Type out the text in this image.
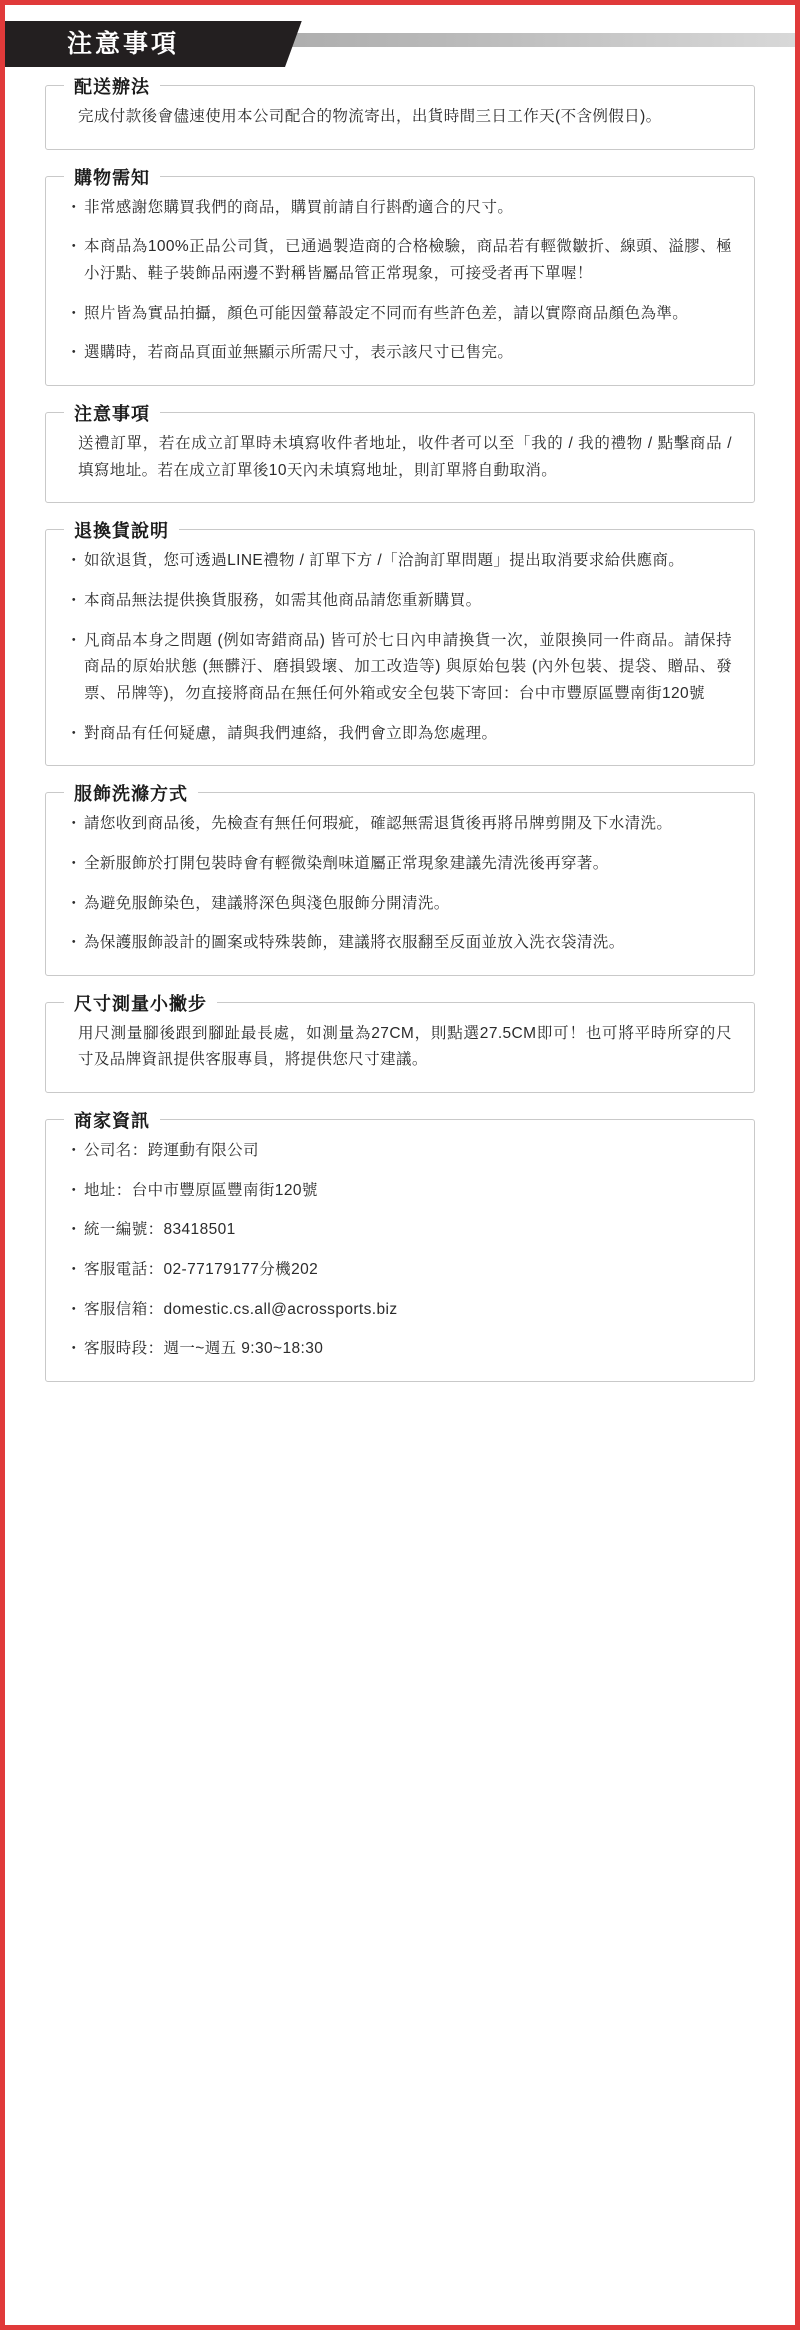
注意事項
配送辦法

完成付款後會儘速使用本公司配合的物流寄出，出貨時間三日工作天(不含例假日)。

購物需知
・ 非常感謝您購買我們的商品，購買前請自行斟酌適合的尺寸。
・ 本商品為100%正品公司貨，已通過製造商的合格檢驗，商品若有輕微皺折、線頭、溢膠、極小汙點、鞋子裝飾品兩邊不對稱皆屬品管正常現象，可接受者再下單喔！
・ 照片皆為實品拍攝，顏色可能因螢幕設定不同而有些許色差，請以實際商品顏色為準。
・ 選購時，若商品頁面並無顯示所需尺寸，表示該尺寸已售完。
注意事項

送禮訂單，若在成立訂單時未填寫收件者地址，收件者可以至「我的 / 我的禮物 / 點擊商品 / 填寫地址。若在成立訂單後10天內未填寫地址，則訂單將自動取消。

退換貨說明
・ 如欲退貨，您可透過LINE禮物 / 訂單下方 /「洽詢訂單問題」提出取消要求給供應商。
・ 本商品無法提供換貨服務，如需其他商品請您重新購買。
・ 凡商品本身之問題 (例如寄錯商品) 皆可於七日內申請換貨一次，並限換同一件商品。請保持商品的原始狀態 (無髒汙、磨損毀壞、加工改造等) 與原始包裝 (內外包裝、提袋、贈品、發票、吊牌等)，勿直接將商品在無任何外箱或安全包裝下寄回：台中市豐原區豐南街120號
・ 對商品有任何疑慮，請與我們連絡，我們會立即為您處理。
服飾洗滌方式
・ 請您收到商品後，先檢查有無任何瑕疵，確認無需退貨後再將吊牌剪開及下水清洗。
・ 全新服飾於打開包裝時會有輕微染劑味道屬正常現象建議先清洗後再穿著。
・ 為避免服飾染色，建議將深色與淺色服飾分開清洗。
・ 為保護服飾設計的圖案或特殊裝飾，建議將衣服翻至反面並放入洗衣袋清洗。
尺寸測量小撇步

用尺測量腳後跟到腳趾最長處，如測量為27CM，則點選27.5CM即可！也可將平時所穿的尺寸及品牌資訊提供客服專員，將提供您尺寸建議。

商家資訊
・ 公司名：跨運動有限公司
・ 地址：台中市豐原區豐南街120號
・ 統一編號：83418501
・ 客服電話：02-77179177分機202
・ 客服信箱：domestic.cs.all@acrossports.biz
・ 客服時段：週一~週五 9:30~18:30
